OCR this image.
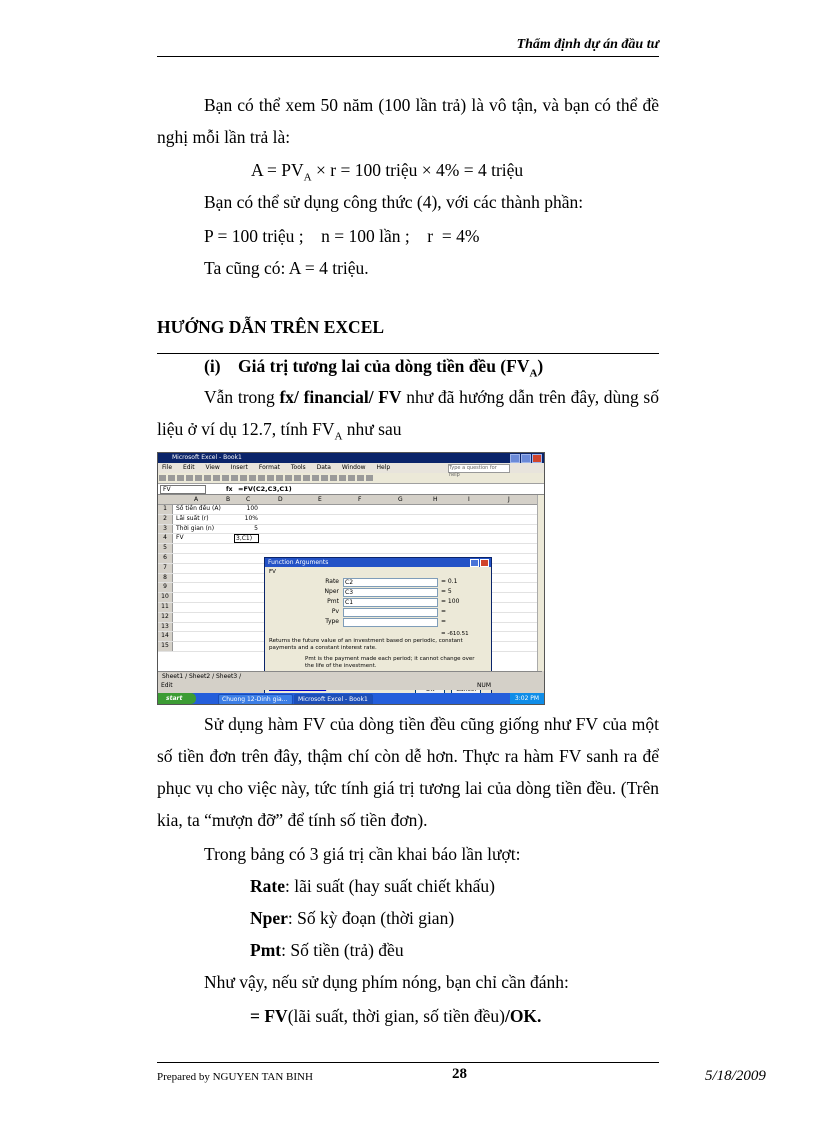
Thẩm định dự án đầu tư
Bạn có thể xem 50 năm (100 lần trả) là vô tận, và bạn có thể đề nghị mỗi lần trả là:
$A = PV_A \times r = 100$ triệu × 4% = 4 triệu
Bạn có thể sử dụng công thức (4), với các thành phần:
P = 100 triệu ;    n = 100 lần ;    r  = 4%
Ta cũng có: A = 4 triệu.
HƯỚNG DẪN TRÊN EXCEL
(i)    Giá trị tương lai của dòng tiền đều $(FV_A)$
Vẫn trong fx/ financial/ FV như đã hướng dẫn trên đây, dùng số liệu ở ví dụ 12.7, tính $FV_A$ như sau
Microsoft Excel - Book1
File Edit View Insert Format Tools Data Window Help	Type a question for help
FV	fx =FV(C2,C3,C1)
A	B	C	D	E	F	G	H	I	J
1	Số tiền đều (A)	100
2	Lãi suất (r)	10%
3	Thời gian (n)	5
4	FV	3,C1)
5
6
7
8
9
10
11
12
13
14
15
Function Arguments
FV
Rate	C2	= 0.1
Nper	C3	= 5
Pmt	C1	= 100
Pv	=
Type	=
= -610.51
Returns the future value of an investment based on periodic, constant payments and a constant interest rate.
Pmt is the payment made each period; it cannot change over the life of the investment.
Sheet1 / Sheet2 / Sheet3 /
Edit	NUM
start	Chuong 12-Dinh gia...	Microsoft Excel - Book1	3:02 PM
Sử dụng hàm FV của dòng tiền đều cũng giống như FV của một số tiền đơn trên đây, thậm chí còn dễ hơn. Thực ra hàm FV sanh ra để phục vụ cho việc này, tức tính giá trị tương lai của dòng tiền đều. (Trên kia, ta “mượn đỡ” để tính số tiền đơn).
Trong bảng có 3 giá trị cần khai báo lần lượt:
Rate: lãi suất (hay suất chiết khấu)
Nper: Số kỳ đoạn (thời gian)
Pmt: Số tiền (trả) đều
Như vậy, nếu sử dụng phím nóng, bạn chỉ cần đánh:
= FV(lãi suất, thời gian, số tiền đều)/OK.
Prepared by NGUYEN TAN BINH	28	5/18/2009
